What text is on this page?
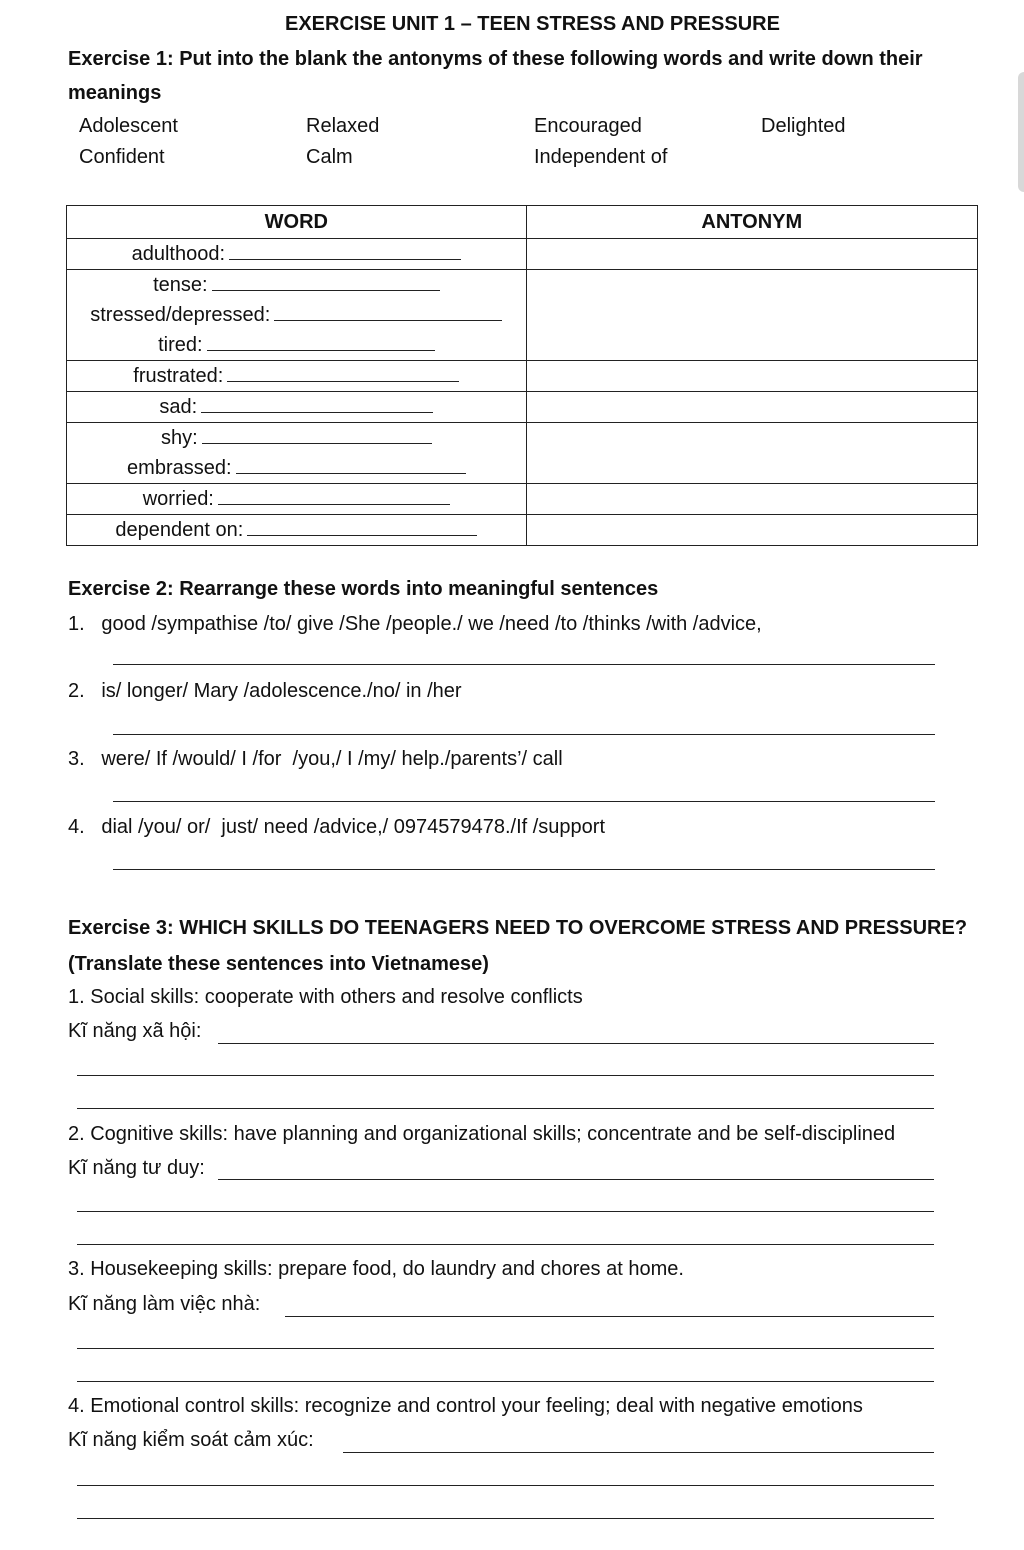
EXERCISE UNIT 1 – TEEN STRESS AND PRESSURE
Exercise 1: Put into the blank the antonyms of these following words and write down their
meanings
Adolescent	Relaxed	Encouraged	Delighted
Confident	Calm	Independent of
WORD	ANTONYM

adulthood:	

tense:
stressed/depressed:
tired:	

frustrated:	

sad:	

shy:
embrassed:	

worried:	

dependent on:	

Exercise 2: Rearrange these words into meaningful sentences
1.   good /sympathise /to/ give /She /people./ we /need /to /thinks /with /advice,
2.   is/ longer/ Mary /adolescence./no/ in /her
3.   were/ If /would/ I /for  /you,/ I /my/ help./parents’/ call
4.   dial /you/ or/  just/ need /advice,/ 0974579478./If /support
Exercise 3: WHICH SKILLS DO TEENAGERS NEED TO OVERCOME STRESS AND PRESSURE?
(Translate these sentences into Vietnamese)
1. Social skills: cooperate with others and resolve conflicts
Kĩ năng xã hội:
2. Cognitive skills: have planning and organizational skills; concentrate and be self-disciplined
Kĩ năng tư duy:
3. Housekeeping skills: prepare food, do laundry and chores at home.
Kĩ năng làm việc nhà:
4. Emotional control skills: recognize and control your feeling; deal with negative emotions
Kĩ năng kiểm soát cảm xúc:
